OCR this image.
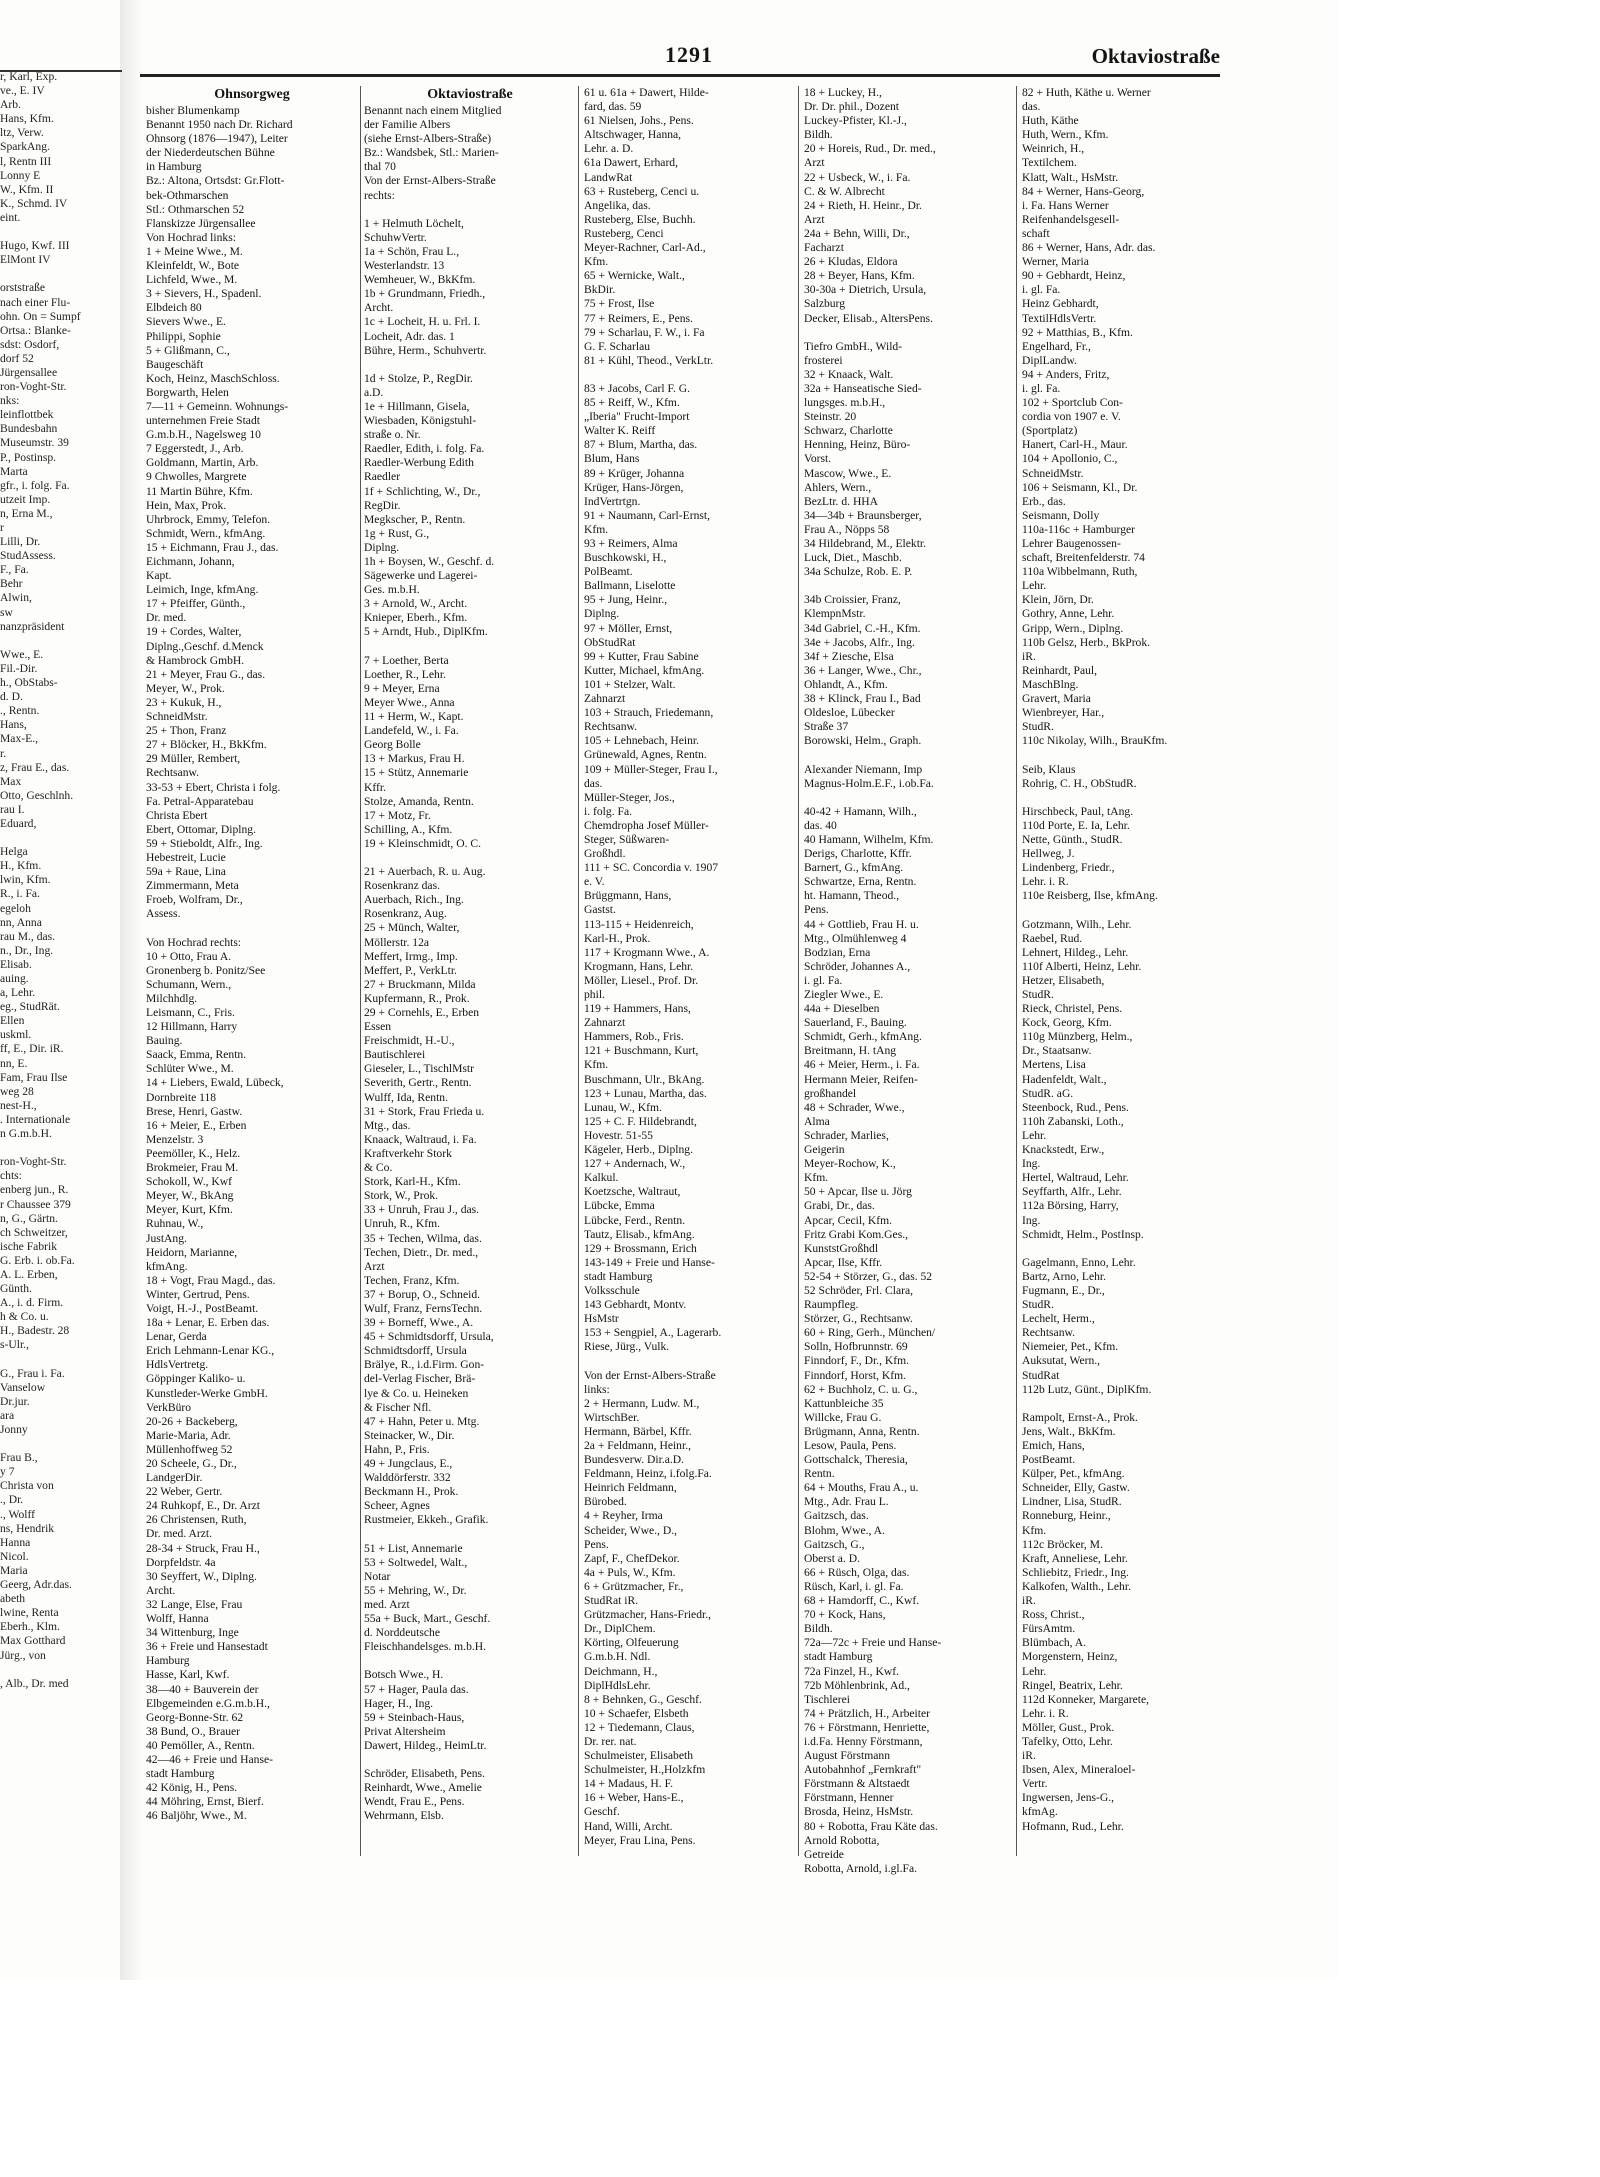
r, Karl, Exp.
ve., E. IV
Arb.
Hans, Kfm.
ltz, Verw.
SparkAng.
l, Rentn III
Lonny E
W., Kfm. II
K., Schmd. IV
eint.
Hugo, Kwf. III
ElMont IV
orststraße
nach einer Flu-
ohn. On = Sumpf
Ortsa.: Blanke-
sdst: Osdorf,
dorf 52
Jürgensallee
ron-Voght-Str.
nks:
leinflottbek
Bundesbahn
Museumstr. 39
P., Postinsp.
Marta
gfr., i. folg. Fa.
utzeit Imp.
n, Erna M.,
r
Lilli, Dr.
StudAssess.
F., Fa.
Behr
Alwin,
sw
nanzpräsident
Wwe., E.
Fil.-Dir.
h., ObStabs-
d. D.
., Rentn.
Hans,
Max-E.,
r.
z, Frau E., das.
Max
Otto, Geschlnh.
rau I.
Eduard,
Helga
H., Kfm.
lwin, Kfm.
R., i. Fa.
egeloh
nn, Anna
rau M., das.
n., Dr., Ing.
Elisab.
auing.
a, Lehr.
eg., StudRät.
Ellen
uskml.
ff, E., Dir. iR.
nn, E.
Fam, Frau Ilse
weg 28
nest-H.,
. Internationale
n G.m.b.H.
ron-Voght-Str.
chts:
enberg jun., R.
r Chaussee 379
n, G., Gärtn.
ch Schweitzer,
ische Fabrik
G. Erb. i. ob.Fa.
A. L. Erben,
Günth.
A., i. d. Firm.
h & Co. u.
H., Badestr. 28
s-Ulr.,
G., Frau i. Fa.
Vanselow
Dr.jur.
ara
Jonny
Frau B.,
y 7
Christa von
., Dr.
., Wolff
ns, Hendrik
Hanna
Nicol.
Maria
Geerg, Adr.das.
abeth
lwine, Renta
Eberh., Klm.
Max Gotthard
Jürg., von
, Alb., Dr. med
1291	Oktaviostraße
Ohnsorgweg
bisher Blumenkamp
Benannt 1950 nach Dr. Richard
Ohnsorg (1876—1947), Leiter
der Niederdeutschen Bühne
in Hamburg
Bz.: Altona, Ortsdst: Gr.Flott-
bek-Othmarschen
Stl.: Othmarschen 52
Flanskizze Jürgensallee
Von Hochrad links:
1 + Meine Wwe., M.
Kleinfeldt, W., Bote
Lichfeld, Wwe., M.
3 + Sievers, H., Spadenl.
Elbdeich 80
Sievers Wwe., E.
Philippi, Sophie
5 + Glißmann, C.,
Baugeschäft
Koch, Heinz, MaschSchloss.
Borgwarth, Helen
7—11 + Gemeinn. Wohnungs-
unternehmen Freie Stadt
G.m.b.H., Nagelsweg 10
7 Eggerstedt, J., Arb.
Goldmann, Martin, Arb.
9 Chwolles, Margrete
11 Martin Bühre, Kfm.
Hein, Max, Prok.
Uhrbrock, Emmy, Telefon.
Schmidt, Wern., kfmAng.
15 + Eichmann, Frau J., das.
Eichmann, Johann,
Kapt.
Leimich, Inge, kfmAng.
17 + Pfeiffer, Günth.,
Dr. med.
19 + Cordes, Walter,
Diplng.,Geschf. d.Menck
& Hambrock GmbH.
21 + Meyer, Frau G., das.
Meyer, W., Prok.
23 + Kukuk, H.,
SchneidMstr.
25 + Thon, Franz
27 + Blöcker, H., BkKfm.
29 Müller, Rembert,
Rechtsanw.
33-53 + Ebert, Christa i folg.
Fa. Petral-Apparatebau
Christa Ebert
Ebert, Ottomar, Diplng.
59 + Stieboldt, Alfr., Ing.
Hebestreit, Lucie
59a + Raue, Lina
Zimmermann, Meta
Froeb, Wolfram, Dr.,
Assess.
Von Hochrad rechts:
10 + Otto, Frau A.
Gronenberg b. Ponitz/See
Schumann, Wern.,
Milchhdlg.
Leismann, C., Fris.
12 Hillmann, Harry
Bauing.
Saack, Emma, Rentn.
Schlüter Wwe., M.
14 + Liebers, Ewald, Lübeck,
Dornbreite 118
Brese, Henri, Gastw.
16 + Meier, E., Erben
Menzelstr. 3
Peemöller, K., Helz.
Brokmeier, Frau M.
Schokoll, W., Kwf
Meyer, W., BkAng
Meyer, Kurt, Kfm.
Ruhnau, W.,
JustAng.
Heidorn, Marianne,
kfmAng.
18 + Vogt, Frau Magd., das.
Winter, Gertrud, Pens.
Voigt, H.-J., PostBeamt.
18a + Lenar, E. Erben das.
Lenar, Gerda
Erich Lehmann-Lenar KG.,
HdlsVertretg.
Göppinger Kaliko- u.
Kunstleder-Werke GmbH.
VerkBüro
20-26 + Backeberg,
Marie-Maria, Adr.
Müllenhoffweg 52
20 Scheele, G., Dr.,
LandgerDir.
22 Weber, Gertr.
24 Ruhkopf, E., Dr. Arzt
26 Christensen, Ruth,
Dr. med. Arzt.
28-34 + Struck, Frau H.,
Dorpfeldstr. 4a
30 Seyffert, W., Diplng.
Archt.
32 Lange, Else, Frau
Wolff, Hanna
34 Wittenburg, Inge
36 + Freie und Hansestadt
Hamburg
Hasse, Karl, Kwf.
38—40 + Bauverein der
Elbgemeinden e.G.m.b.H.,
Georg-Bonne-Str. 62
38 Bund, O., Brauer
40 Pemöller, A., Rentn.
42—46 + Freie und Hanse-
stadt Hamburg
42 König, H., Pens.
44 Möhring, Ernst, Bierf.
46 Baljöhr, Wwe., M.
Oktaviostraße
Benannt nach einem Mitglied
der Familie Albers
(siehe Ernst-Albers-Straße)
Bz.: Wandsbek, Stl.: Marien-
thal 70
Von der Ernst-Albers-Straße
rechts:
1 + Helmuth Löchelt,
SchuhwVertr.
1a + Schön, Frau L.,
Westerlandstr. 13
Wemheuer, W., BkKfm.
1b + Grundmann, Friedh.,
Archt.
1c + Locheit, H. u. Frl. I.
Locheit, Adr. das. 1
Bühre, Herm., Schuhvertr.
1d + Stolze, P., RegDir.
a.D.
1e + Hillmann, Gisela,
Wiesbaden, Königstuhl-
straße o. Nr.
Raedler, Edith, i. folg. Fa.
Raedler-Werbung Edith
Raedler
1f + Schlichting, W., Dr.,
RegDir.
Megkscher, P., Rentn.
1g + Rust, G.,
Diplng.
1h + Boysen, W., Geschf. d.
Sägewerke und Lagerei-
Ges. m.b.H.
3 + Arnold, W., Archt.
Knieper, Eberh., Kfm.
5 + Arndt, Hub., DiplKfm.
7 + Loether, Berta
Loether, R., Lehr.
9 + Meyer, Erna
Meyer Wwe., Anna
11 + Herm, W., Kapt.
Landefeld, W., i. Fa.
Georg Bolle
13 + Markus, Frau H.
15 + Stütz, Annemarie
Kffr.
Stolze, Amanda, Rentn.
17 + Motz, Fr.
Schilling, A., Kfm.
19 + Kleinschmidt, O. C.
21 + Auerbach, R. u. Aug.
Rosenkranz das.
Auerbach, Rich., Ing.
Rosenkranz, Aug.
25 + Münch, Walter,
Möllerstr. 12a
Meffert, Irmg., Imp.
Meffert, P., VerkLtr.
27 + Bruckmann, Milda
Kupfermann, R., Prok.
29 + Cornehls, E., Erben
Essen
Freischmidt, H.-U.,
Bautischlerei
Gieseler, L., TischlMstr
Severith, Gertr., Rentn.
Wulff, Ida, Rentn.
31 + Stork, Frau Frieda u.
Mtg., das.
Knaack, Waltraud, i. Fa.
Kraftverkehr Stork
& Co.
Stork, Karl-H., Kfm.
Stork, W., Prok.
33 + Unruh, Frau J., das.
Unruh, R., Kfm.
35 + Techen, Wilma, das.
Techen, Dietr., Dr. med.,
Arzt
Techen, Franz, Kfm.
37 + Borup, O., Schneid.
Wulf, Franz, FernsTechn.
39 + Borneff, Wwe., A.
45 + Schmidtsdorff, Ursula,
Schmidtsdorff, Ursula
Brälye, R., i.d.Firm. Gon-
del-Verlag Fischer, Brä-
lye & Co. u. Heineken
& Fischer Nfl.
47 + Hahn, Peter u. Mtg.
Steinacker, W., Dir.
Hahn, P., Fris.
49 + Jungclaus, E.,
Walddörferstr. 332
Beckmann H., Prok.
Scheer, Agnes
Rustmeier, Ekkeh., Grafik.
51 + List, Annemarie
53 + Soltwedel, Walt.,
Notar
55 + Mehring, W., Dr.
med. Arzt
55a + Buck, Mart., Geschf.
d. Norddeutsche
Fleischhandelsges. m.b.H.
Botsch Wwe., H.
57 + Hager, Paula das.
Hager, H., Ing.
59 + Steinbach-Haus,
Privat Altersheim
Dawert, Hildeg., HeimLtr.
Schröder, Elisabeth, Pens.
Reinhardt, Wwe., Amelie
Wendt, Frau E., Pens.
Wehrmann, Elsb.
61 u. 61a + Dawert, Hilde-
fard, das. 59
61 Nielsen, Johs., Pens.
Altschwager, Hanna,
Lehr. a. D.
61a Dawert, Erhard,
LandwRat
63 + Rusteberg, Cenci u.
Angelika, das.
Rusteberg, Else, Buchh.
Rusteberg, Cenci
Meyer-Rachner, Carl-Ad.,
Kfm.
65 + Wernicke, Walt.,
BkDir.
75 + Frost, Ilse
77 + Reimers, E., Pens.
79 + Scharlau, F. W., i. Fa
G. F. Scharlau
81 + Kühl, Theod., VerkLtr.
83 + Jacobs, Carl F. G.
85 + Reiff, W., Kfm.
„Iberia" Frucht-Import
Walter K. Reiff
87 + Blum, Martha, das.
Blum, Hans
89 + Krüger, Johanna
Krüger, Hans-Jörgen,
IndVertrtgn.
91 + Naumann, Carl-Ernst,
Kfm.
93 + Reimers, Alma
Buschkowski, H.,
PolBeamt.
Ballmann, Liselotte
95 + Jung, Heinr.,
Diplng.
97 + Möller, Ernst,
ObStudRat
99 + Kutter, Frau Sabine
Kutter, Michael, kfmAng.
101 + Stelzer, Walt.
Zahnarzt
103 + Strauch, Friedemann,
Rechtsanw.
105 + Lehnebach, Heinr.
Grünewald, Agnes, Rentn.
109 + Müller-Steger, Frau I.,
das.
Müller-Steger, Jos.,
i. folg. Fa.
Chemdropha Josef Müller-
Steger, Süßwaren-
Großhdl.
111 + SC. Concordia v. 1907
e. V.
Brüggmann, Hans,
Gastst.
113-115 + Heidenreich,
Karl-H., Prok.
117 + Krogmann Wwe., A.
Krogmann, Hans, Lehr.
Möller, Liesel., Prof. Dr.
phil.
119 + Hammers, Hans,
Zahnarzt
Hammers, Rob., Fris.
121 + Buschmann, Kurt,
Kfm.
Buschmann, Ulr., BkAng.
123 + Lunau, Martha, das.
Lunau, W., Kfm.
125 + C. F. Hildebrandt,
Hovestr. 51-55
Kägeler, Herb., Diplng.
127 + Andernach, W.,
Kalkul.
Koetzsche, Waltraut,
Lübcke, Emma
Lübcke, Ferd., Rentn.
Tautz, Elisab., kfmAng.
129 + Brossmann, Erich
143-149 + Freie und Hanse-
stadt Hamburg
Volksschule
143 Gebhardt, Montv.
HsMstr
153 + Sengpiel, A., Lagerarb.
Riese, Jürg., Vulk.
Von der Ernst-Albers-Straße
links:
2 + Hermann, Ludw. M.,
WirtschBer.
Hermann, Bärbel, Kffr.
2a + Feldmann, Heinr.,
Bundesverw. Dir.a.D.
Feldmann, Heinz, i.folg.Fa.
Heinrich Feldmann,
Bürobed.
4 + Reyher, Irma
Scheider, Wwe., D.,
Pens.
Zapf, F., ChefDekor.
4a + Puls, W., Kfm.
6 + Grützmacher, Fr.,
StudRat iR.
Grützmacher, Hans-Friedr.,
Dr., DiplChem.
Körting, Olfeuerung
G.m.b.H. Ndl.
Deichmann, H.,
DiplHdlsLehr.
8 + Behnken, G., Geschf.
10 + Schaefer, Elsbeth
12 + Tiedemann, Claus,
Dr. rer. nat.
Schulmeister, Elisabeth
Schulmeister, H.,Holzkfm
14 + Madaus, H. F.
16 + Weber, Hans-E.,
Geschf.
Hand, Willi, Archt.
Meyer, Frau Lina, Pens.
18 + Luckey, H.,
Dr. Dr. phil., Dozent
Luckey-Pfister, Kl.-J.,
Bildh.
20 + Horeis, Rud., Dr. med.,
Arzt
22 + Usbeck, W., i. Fa.
C. & W. Albrecht
24 + Rieth, H. Heinr., Dr.
Arzt
24a + Behn, Willi, Dr.,
Facharzt
26 + Kludas, Eldora
28 + Beyer, Hans, Kfm.
30-30a + Dietrich, Ursula,
Salzburg
Decker, Elisab., AltersPens.
Tiefro GmbH., Wild-
frosterei
32 + Knaack, Walt.
32a + Hanseatische Sied-
lungsges. m.b.H.,
Steinstr. 20
Schwarz, Charlotte
Henning, Heinz, Büro-
Vorst.
Mascow, Wwe., E.
Ahlers, Wern.,
BezLtr. d. HHA
34—34b + Braunsberger,
Frau A., Nöpps 58
34 Hildebrand, M., Elektr.
Luck, Diet., Maschb.
34a Schulze, Rob. E. P.
34b Croissier, Franz,
KlempnMstr.
34d Gabriel, C.-H., Kfm.
34e + Jacobs, Alfr., Ing.
34f + Ziesche, Elsa
36 + Langer, Wwe., Chr.,
Ohlandt, A., Kfm.
38 + Klinck, Frau I., Bad
Oldesloe, Lübecker
Straße 37
Borowski, Helm., Graph.
Alexander Niemann, Imp
Magnus-Holm.E.F., i.ob.Fa.
40-42 + Hamann, Wilh.,
das. 40
40 Hamann, Wilhelm, Kfm.
Derigs, Charlotte, Kffr.
Barnert, G., kfmAng.
Schwartze, Erna, Rentn.
ht. Hamann, Theod.,
Pens.
44 + Gottlieb, Frau H. u.
Mtg., Olmühlenweg 4
Bodzian, Erna
Schröder, Johannes A.,
i. gl. Fa.
Ziegler Wwe., E.
44a + Dieselben
Sauerland, F., Bauing.
Schmidt, Gerh., kfmAng.
Breitmann, H. tAng
46 + Meier, Herm., i. Fa.
Hermann Meier, Reifen-
großhandel
48 + Schrader, Wwe.,
Alma
Schrader, Marlies,
Geigerin
Meyer-Rochow, K.,
Kfm.
50 + Apcar, Ilse u. Jörg
Grabi, Dr., das.
Apcar, Cecil, Kfm.
Fritz Grabi Kom.Ges.,
KunststGroßhdl
Apcar, Ilse, Kffr.
52-54 + Störzer, G., das. 52
52 Schröder, Frl. Clara,
Raumpfleg.
Störzer, G., Rechtsanw.
60 + Ring, Gerh., München/
Solln, Hofbrunnstr. 69
Finndorf, F., Dr., Kfm.
Finndorf, Horst, Kfm.
62 + Buchholz, C. u. G.,
Kattunbleiche 35
Willcke, Frau G.
Brügmann, Anna, Rentn.
Lesow, Paula, Pens.
Gottschalck, Theresia,
Rentn.
64 + Mouths, Frau A., u.
Mtg., Adr. Frau L.
Gaitzsch, das.
Blohm, Wwe., A.
Gaitzsch, G.,
Oberst a. D.
66 + Rüsch, Olga, das.
Rüsch, Karl, i. gl. Fa.
68 + Hamdorff, C., Kwf.
70 + Kock, Hans,
Bildh.
72a—72c + Freie und Hanse-
stadt Hamburg
72a Finzel, H., Kwf.
72b Möhlenbrink, Ad.,
Tischlerei
74 + Prätzlich, H., Arbeiter
76 + Förstmann, Henriette,
i.d.Fa. Henny Förstmann,
August Förstmann
Autobahnhof „Fernkraft"
Förstmann & Altstaedt
Förstmann, Henner
Brosda, Heinz, HsMstr.
80 + Robotta, Frau Käte das.
Arnold Robotta,
Getreide
Robotta, Arnold, i.gl.Fa.
82 + Huth, Käthe u. Werner
das.
Huth, Käthe
Huth, Wern., Kfm.
Weinrich, H.,
Textilchem.
Klatt, Walt., HsMstr.
84 + Werner, Hans-Georg,
i. Fa. Hans Werner
Reifenhandelsgesell-
schaft
86 + Werner, Hans, Adr. das.
Werner, Maria
90 + Gebhardt, Heinz,
i. gl. Fa.
Heinz Gebhardt,
TextilHdlsVertr.
92 + Matthias, B., Kfm.
Engelhard, Fr.,
DiplLandw.
94 + Anders, Fritz,
i. gl. Fa.
102 + Sportclub Con-
cordia von 1907 e. V.
(Sportplatz)
Hanert, Carl-H., Maur.
104 + Apollonio, C.,
SchneidMstr.
106 + Seismann, Kl., Dr.
Erb., das.
Seismann, Dolly
110a-116c + Hamburger
Lehrer Baugenossen-
schaft, Breitenfelderstr. 74
110a Wibbelmann, Ruth,
Lehr.
Klein, Jörn, Dr.
Gothry, Anne, Lehr.
Gripp, Wern., Diplng.
110b Gelsz, Herb., BkProk.
iR.
Reinhardt, Paul,
MaschBlng.
Gravert, Maria
Wienbreyer, Har.,
StudR.
110c Nikolay, Wilh., BrauKfm.
Seib, Klaus
Rohrig, C. H., ObStudR.
Hirschbeck, Paul, tAng.
110d Porte, E. Ia, Lehr.
Nette, Günth., StudR.
Hellweg, J.
Lindenberg, Friedr.,
Lehr. i. R.
110e Reisberg, Ilse, kfmAng.
Gotzmann, Wilh., Lehr.
Raebel, Rud.
Lehnert, Hildeg., Lehr.
110f Alberti, Heinz, Lehr.
Hetzer, Elisabeth,
StudR.
Rieck, Christel, Pens.
Kock, Georg, Kfm.
110g Münzberg, Helm.,
Dr., Staatsanw.
Mertens, Lisa
Hadenfeldt, Walt.,
StudR. aG.
Steenbock, Rud., Pens.
110h Zabanski, Loth.,
Lehr.
Knackstedt, Erw.,
Ing.
Hertel, Waltraud, Lehr.
Seyffarth, Alfr., Lehr.
112a Börsing, Harry,
Ing.
Schmidt, Helm., PostInsp.
Gagelmann, Enno, Lehr.
Bartz, Arno, Lehr.
Fugmann, E., Dr.,
StudR.
Lechelt, Herm.,
Rechtsanw.
Niemeier, Pet., Kfm.
Auksutat, Wern.,
StudRat
112b Lutz, Günt., DiplKfm.
Rampolt, Ernst-A., Prok.
Jens, Walt., BkKfm.
Emich, Hans,
PostBeamt.
Külper, Pet., kfmAng.
Schneider, Elly, Gastw.
Lindner, Lisa, StudR.
Ronneburg, Heinr.,
Kfm.
112c Bröcker, M.
Kraft, Anneliese, Lehr.
Schliebitz, Friedr., Ing.
Kalkofen, Walth., Lehr.
iR.
Ross, Christ.,
FürsAmtm.
Blümbach, A.
Morgenstern, Heinz,
Lehr.
Ringel, Beatrix, Lehr.
112d Konneker, Margarete,
Lehr. i. R.
Möller, Gust., Prok.
Tafelky, Otto, Lehr.
iR.
Ibsen, Alex, Mineraloel-
Vertr.
Ingwersen, Jens-G.,
kfmAg.
Hofmann, Rud., Lehr.
